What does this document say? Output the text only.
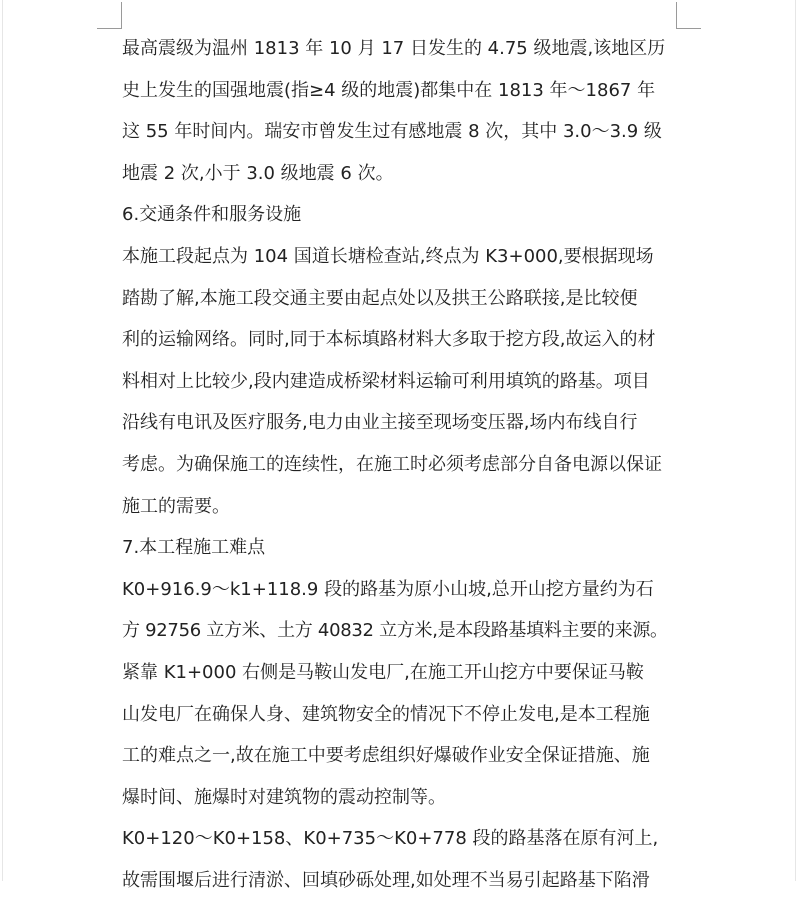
最高震级为温州 1813 年 10 月 17 日发生的 4.75 级地震,该地区历
史上发生的国强地震(指≥4 级的地震)都集中在 1813 年～1867 年
这 55 年时间内。瑞安市曾发生过有感地震 8 次，其中 3.0～3.9 级
地震 2 次,小于 3.0 级地震 6 次。
6.交通条件和服务设施
本施工段起点为 104 国道长塘检查站,终点为 K3+000,要根据现场
踏勘了解,本施工段交通主要由起点处以及拱王公路联接,是比较便
利的运输网络。同时,同于本标填路材料大多取于挖方段,故运入的材
料相对上比较少,段内建造成桥梁材料运输可利用填筑的路基。项目
沿线有电讯及医疗服务,电力由业主接至现场变压器,场内布线自行
考虑。为确保施工的连续性，在施工时必须考虑部分自备电源以保证
施工的需要。
7.本工程施工难点
K0+916.9～k1+118.9 段的路基为原小山坡,总开山挖方量约为石
方 92756 立方米、土方 40832 立方米,是本段路基填料主要的来源。
紧靠 K1+000 右侧是马鞍山发电厂,在施工开山挖方中要保证马鞍
山发电厂在确保人身、建筑物安全的情况下不停止发电,是本工程施
工的难点之一,故在施工中要考虑组织好爆破作业安全保证措施、施
爆时间、施爆时对建筑物的震动控制等。
K0+120～K0+158、K0+735～K0+778 段的路基落在原有河上,
故需围堰后进行清淤、回填砂砾处理,如处理不当易引起路基下陷滑
